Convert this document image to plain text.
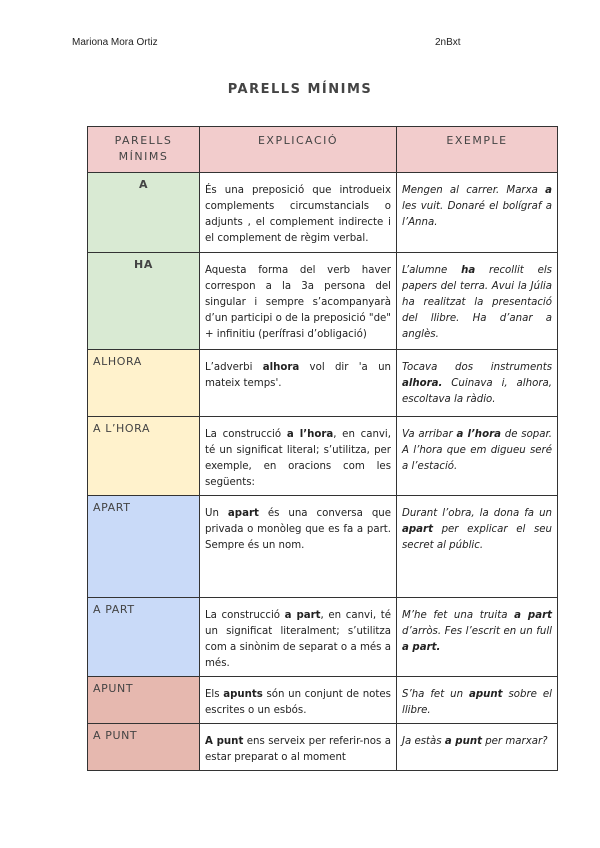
Mariona Mora Ortiz	2nBxt
PARELLS MÍNIMS
PARELLS MÍNIMS	EXPLICACIÓ	EXEMPLE
A	És una preposició que introdueix complements circumstancials o adjunts , el complement indirecte i el complement de règim verbal.	Mengen al carrer. Marxa a les vuit. Donaré el bolígraf a l’Anna.
HA	Aquesta forma del verb haver correspon a la 3a persona del singular i sempre s’acompanyarà d’un participi o de la preposició "de" + infinitiu (perífrasi d’obligació)	L’alumne ha recollit els papers del terra. Avui la Júlia ha realitzat la presentació del llibre. Ha d’anar a anglès.
ALHORA	L’adverbi alhora vol dir 'a un mateix temps'.	Tocava dos instruments alhora. Cuinava i, alhora, escoltava la ràdio.
A L’HORA	La construcció a l’hora, en canvi, té un significat literal; s’utilitza, per exemple, en oracions com les següents:	Va arribar a l’hora de sopar. A l’hora que em digueu seré a l’estació.
APART	Un apart és una conversa que privada o monòleg que es fa a part. Sempre és un nom.	Durant l’obra, la dona fa un apart per explicar el seu secret al públic.
A PART	La construcció a part, en canvi, té un significat literalment; s’utilitza com a sinònim de separat o a més a més.	M’he fet una truita a part d’arròs. Fes l’escrit en un full a part.
APUNT	Els apunts són un conjunt de notes escrites o un esbós.	S’ha fet un apunt sobre el llibre.
A PUNT	A punt ens serveix per referir-nos a estar preparat o al moment	Ja estàs a punt per marxar?
